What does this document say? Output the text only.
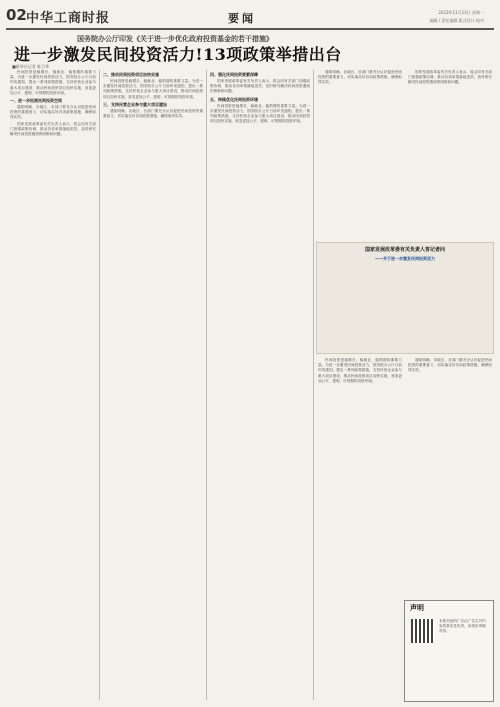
02 中华工商时报	要闻	2023年11月13日 星期一
编辑 / 责任编辑 版式设计 校对
国务院办公厅印发《关于进一步优化政府投资基金的若干措施》
进一步激发民间投资活力!13项政策举措出台
■新华社记者 陈卫华

民间投资是稳增长、稳就业、稳预期的重要力量。为进一步激发民间投资活力，国务院办公厅日前印发通知，提出一系列政策措施，支持民营企业参与重大项目建设，推动民间投资项目加快实施，营造更加公平、透明、可预期的投资环境。

一、进一步拓展民间投资空间

通知明确，各地区、各部门要充分认识促进民间投资的重要意义，切实落实好各项政策措施，确保取得实效。

国家发展改革委有关负责人表示，将会同有关部门加强政策协调，推动各项举措落地见效，及时研究解决民间投资遇到的困难和问题。

二、推动民间投资项目加快实施

民间投资是稳增长、稳就业、稳预期的重要力量。为进一步激发民间投资活力，国务院办公厅日前印发通知，提出一系列政策措施，支持民营企业参与重大项目建设，推动民间投资项目加快实施，营造更加公平、透明、可预期的投资环境。

三、支持民营企业参与重大项目建设

通知明确，各地区、各部门要充分认识促进民间投资的重要意义，切实落实好各项政策措施，确保取得实效。

四、强化民间投资要素保障

国家发展改革委有关负责人表示，将会同有关部门加强政策协调，推动各项举措落地见效，及时研究解决民间投资遇到的困难和问题。

五、持续优化民间投资环境

民间投资是稳增长、稳就业、稳预期的重要力量。为进一步激发民间投资活力，国务院办公厅日前印发通知，提出一系列政策措施，支持民营企业参与重大项目建设，推动民间投资项目加快实施，营造更加公平、透明、可预期的投资环境。

通知明确，各地区、各部门要充分认识促进民间投资的重要意义，切实落实好各项政策措施，确保取得实效。

国家发展改革委有关负责人表示，将会同有关部门加强政策协调，推动各项举措落地见效，及时研究解决民间投资遇到的困难和问题。

国家发展改革委有关负责人答记者问
——关于进一步激发民间投资活力

民间投资是稳增长、稳就业、稳预期的重要力量。为进一步激发民间投资活力，国务院办公厅日前印发通知，提出一系列政策措施，支持民营企业参与重大项目建设，推动民间投资项目加快实施，营造更加公平、透明、可预期的投资环境。

通知明确，各地区、各部门要充分认识促进民间投资的重要意义，切实落实好各项政策措施，确保取得实效。

声明
本报刊登的广告由广告主对内容的真实性负责，读者应审慎对待。
